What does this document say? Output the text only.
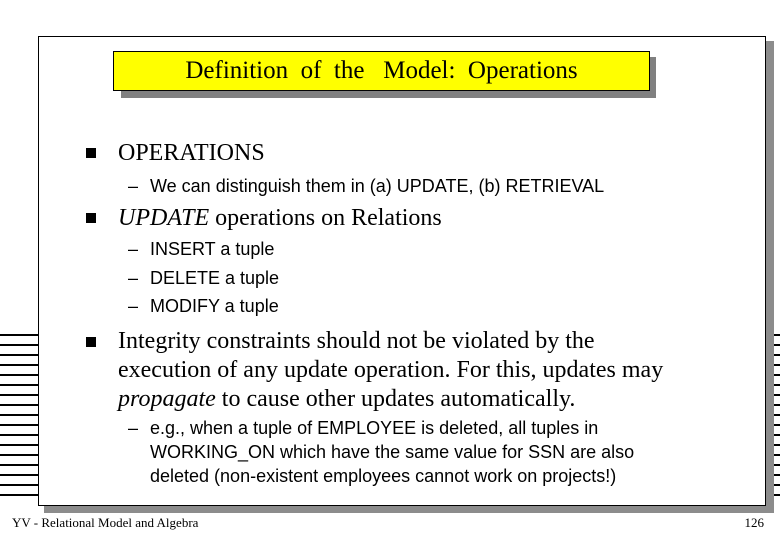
Definition  of  the   Model:  Operations
OPERATIONS
– We can distinguish them in (a) UPDATE, (b) RETRIEVAL
UPDATE operations on Relations
– INSERT a tuple
– DELETE a tuple
– MODIFY a tuple
Integrity constraints should not be violated by the
execution of any update operation. For this, updates may
propagate to cause other updates automatically.
– e.g., when a tuple of EMPLOYEE is deleted, all tuples in
WORKING_ON which have the same value for SSN are also
deleted (non-existent employees cannot work on projects!)
YV - Relational Model and Algebra	126
